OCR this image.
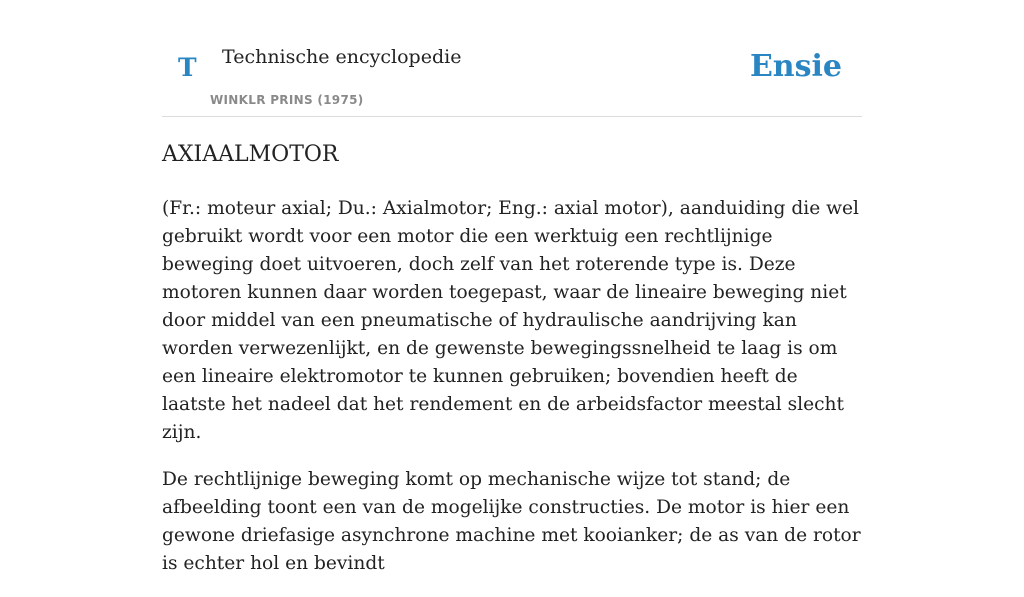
T Technische encyclopedie
WINKLR PRINS (1975)
Ensie
AXIAALMOTOR

(Fr.: moteur axial; Du.: Axialmotor; Eng.: axial motor), aanduiding die wel gebruikt wordt voor een motor die een werktuig een rechtlijnige beweging doet uitvoeren, doch zelf van het roterende type is. Deze motoren kunnen daar worden toegepast, waar de lineaire beweging niet door middel van een pneumatische of hydraulische aandrijving kan worden verwezenlijkt, en de gewenste bewegingssnelheid te laag is om een lineaire elektromotor te kunnen gebruiken; bovendien heeft de laatste het nadeel dat het rendement en de arbeidsfactor meestal slecht zijn.

De rechtlijnige beweging komt op mechanische wijze tot stand; de afbeelding toont een van de mogelijke constructies. De motor is hier een gewone driefasige asynchrone machine met kooianker; de as van de rotor is echter hol en bevindt
